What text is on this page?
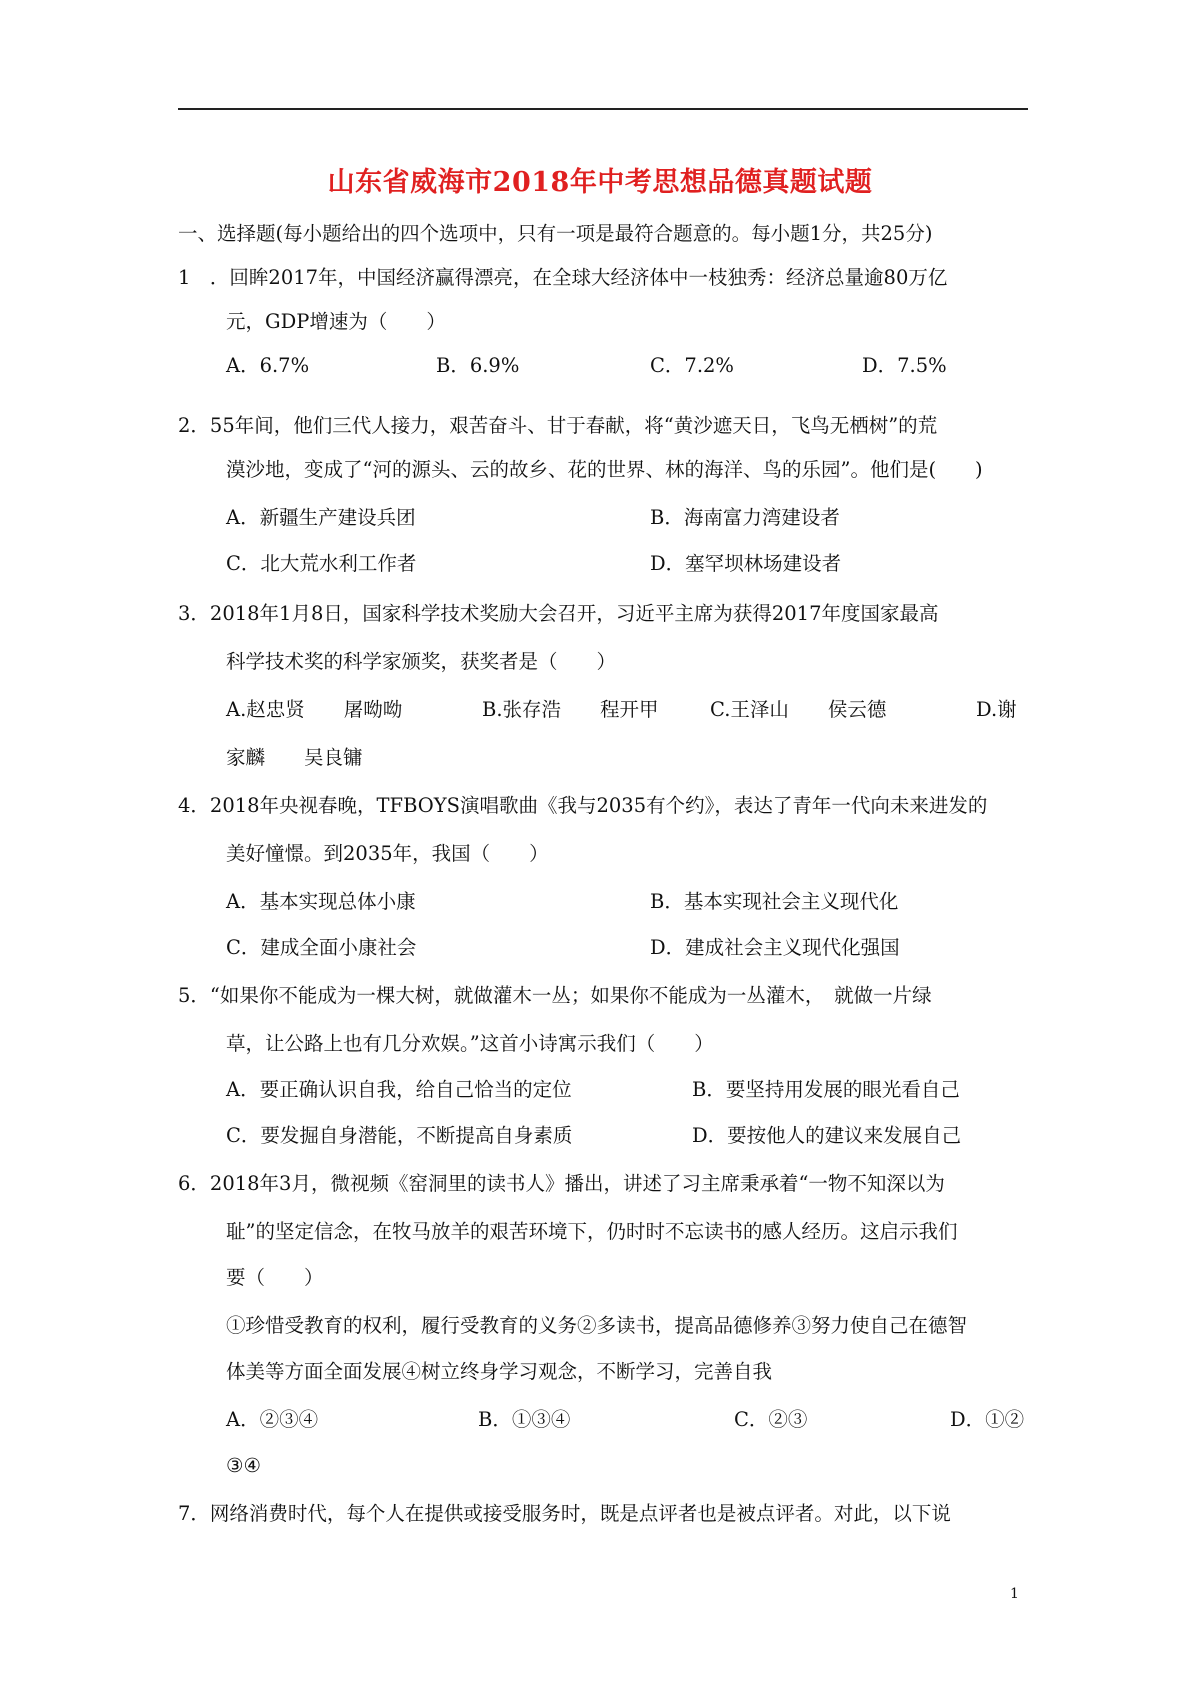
山东省威海市2018年中考思想品德真题试题
一、选择题(每小题给出的四个选项中，只有一项是最符合题意的。每小题1分，共25分)
1　．回眸2017年，中国经济赢得漂亮，在全球大经济体中一枝独秀：经济总量逾80万亿
元，GDP增速为（　　）
A．6.7%	B．6.9%	C．7.2%	D．7.5%
2．55年间，他们三代人接力，艰苦奋斗、甘于春献，将“黄沙遮天日，飞鸟无栖树”的荒
漠沙地，变成了“河的源头、云的故乡、花的世界、林的海洋、鸟的乐园”。他们是(　　)
A．新疆生产建设兵团	B．海南富力湾建设者
C．北大荒水利工作者	D．塞罕坝林场建设者
3．2018年1月8日，国家科学技术奖励大会召开，习近平主席为获得2017年度国家最高
科学技术奖的科学家颁奖，获奖者是（　　）
A.赵忠贤　　屠呦呦	B.张存浩　　程开甲	C.王泽山　　侯云德	D.谢
家麟　　吴良镛
4．2018年央视春晚，TFBOYS演唱歌曲《我与2035有个约》，表达了青年一代向未来进发的
美好憧憬。到2035年，我国（　　）
A．基本实现总体小康	B．基本实现社会主义现代化
C．建成全面小康社会	D．建成社会主义现代化强国
5．“如果你不能成为一棵大树，就做灌木一丛；如果你不能成为一丛灌木，　就做一片绿
草，让公路上也有几分欢娱。”这首小诗寓示我们（　　）
A．要正确认识自我，给自己恰当的定位	B．要坚持用发展的眼光看自己
C．要发掘自身潜能，不断提高自身素质	D．要按他人的建议来发展自己
6．2018年3月，微视频《窑洞里的读书人》播出，讲述了习主席秉承着“一物不知深以为
耻”的坚定信念，在牧马放羊的艰苦环境下，仍时时不忘读书的感人经历。这启示我们
要（　　）
①珍惜受教育的权利，履行受教育的义务②多读书，提高品德修养③努力使自己在德智
体美等方面全面发展④树立终身学习观念，不断学习，完善自我
A．②③④	B．①③④	C．②③	D．①②
③④
7．网络消费时代，每个人在提供或接受服务时，既是点评者也是被点评者。对此，以下说
1
